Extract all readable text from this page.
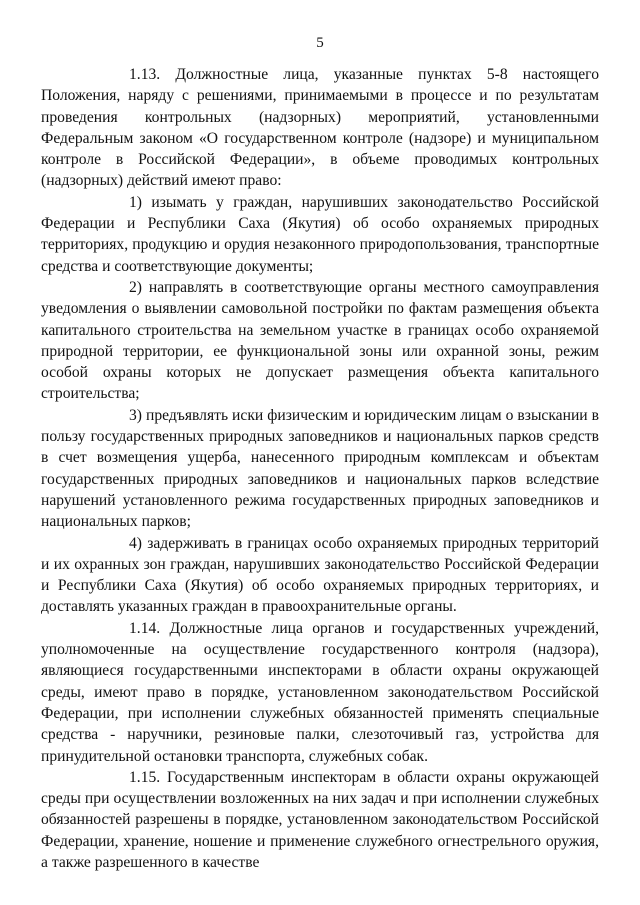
5

1.13. Должностные лица, указанные пунктах 5-8 настоящего Положения, наряду с решениями, принимаемыми в процессе и по результатам проведения контрольных (надзорных) мероприятий, установленными Федеральным законом «О государственном контроле (надзоре) и муниципальном контроле в Российской Федерации», в объеме проводимых контрольных (надзорных) действий имеют право:

1) изымать у граждан, нарушивших законодательство Российской Федерации и Республики Саха (Якутия) об особо охраняемых природных территориях, продукцию и орудия незаконного природопользования, транспортные средства и соответствующие документы;

2) направлять в соответствующие органы местного самоуправления уведомления о выявлении самовольной постройки по фактам размещения объекта капитального строительства на земельном участке в границах особо охраняемой природной территории, ее функциональной зоны или охранной зоны, режим особой охраны которых не допускает размещения объекта капитального строительства;

3) предъявлять иски физическим и юридическим лицам о взыскании в пользу государственных природных заповедников и национальных парков средств в счет возмещения ущерба, нанесенного природным комплексам и объектам государственных природных заповедников и национальных парков вследствие нарушений установленного режима государственных природных заповедников и национальных парков;

4) задерживать в границах особо охраняемых природных территорий и их охранных зон граждан, нарушивших законодательство Российской Федерации и Республики Саха (Якутия) об особо охраняемых природных территориях, и доставлять указанных граждан в правоохранительные органы.

1.14. Должностные лица органов и государственных учреждений, уполномоченные на осуществление государственного контроля (надзора), являющиеся государственными инспекторами в области охраны окружающей среды, имеют право в порядке, установленном законодательством Российской Федерации, при исполнении служебных обязанностей применять специальные средства - наручники, резиновые палки, слезоточивый газ, устройства для принудительной остановки транспорта, служебных собак.

1.15. Государственным инспекторам в области охраны окружающей среды при осуществлении возложенных на них задач и при исполнении служебных обязанностей разрешены в порядке, установленном законодательством Российской Федерации, хранение, ношение и применение служебного огнестрельного оружия, а также разрешенного в качестве
